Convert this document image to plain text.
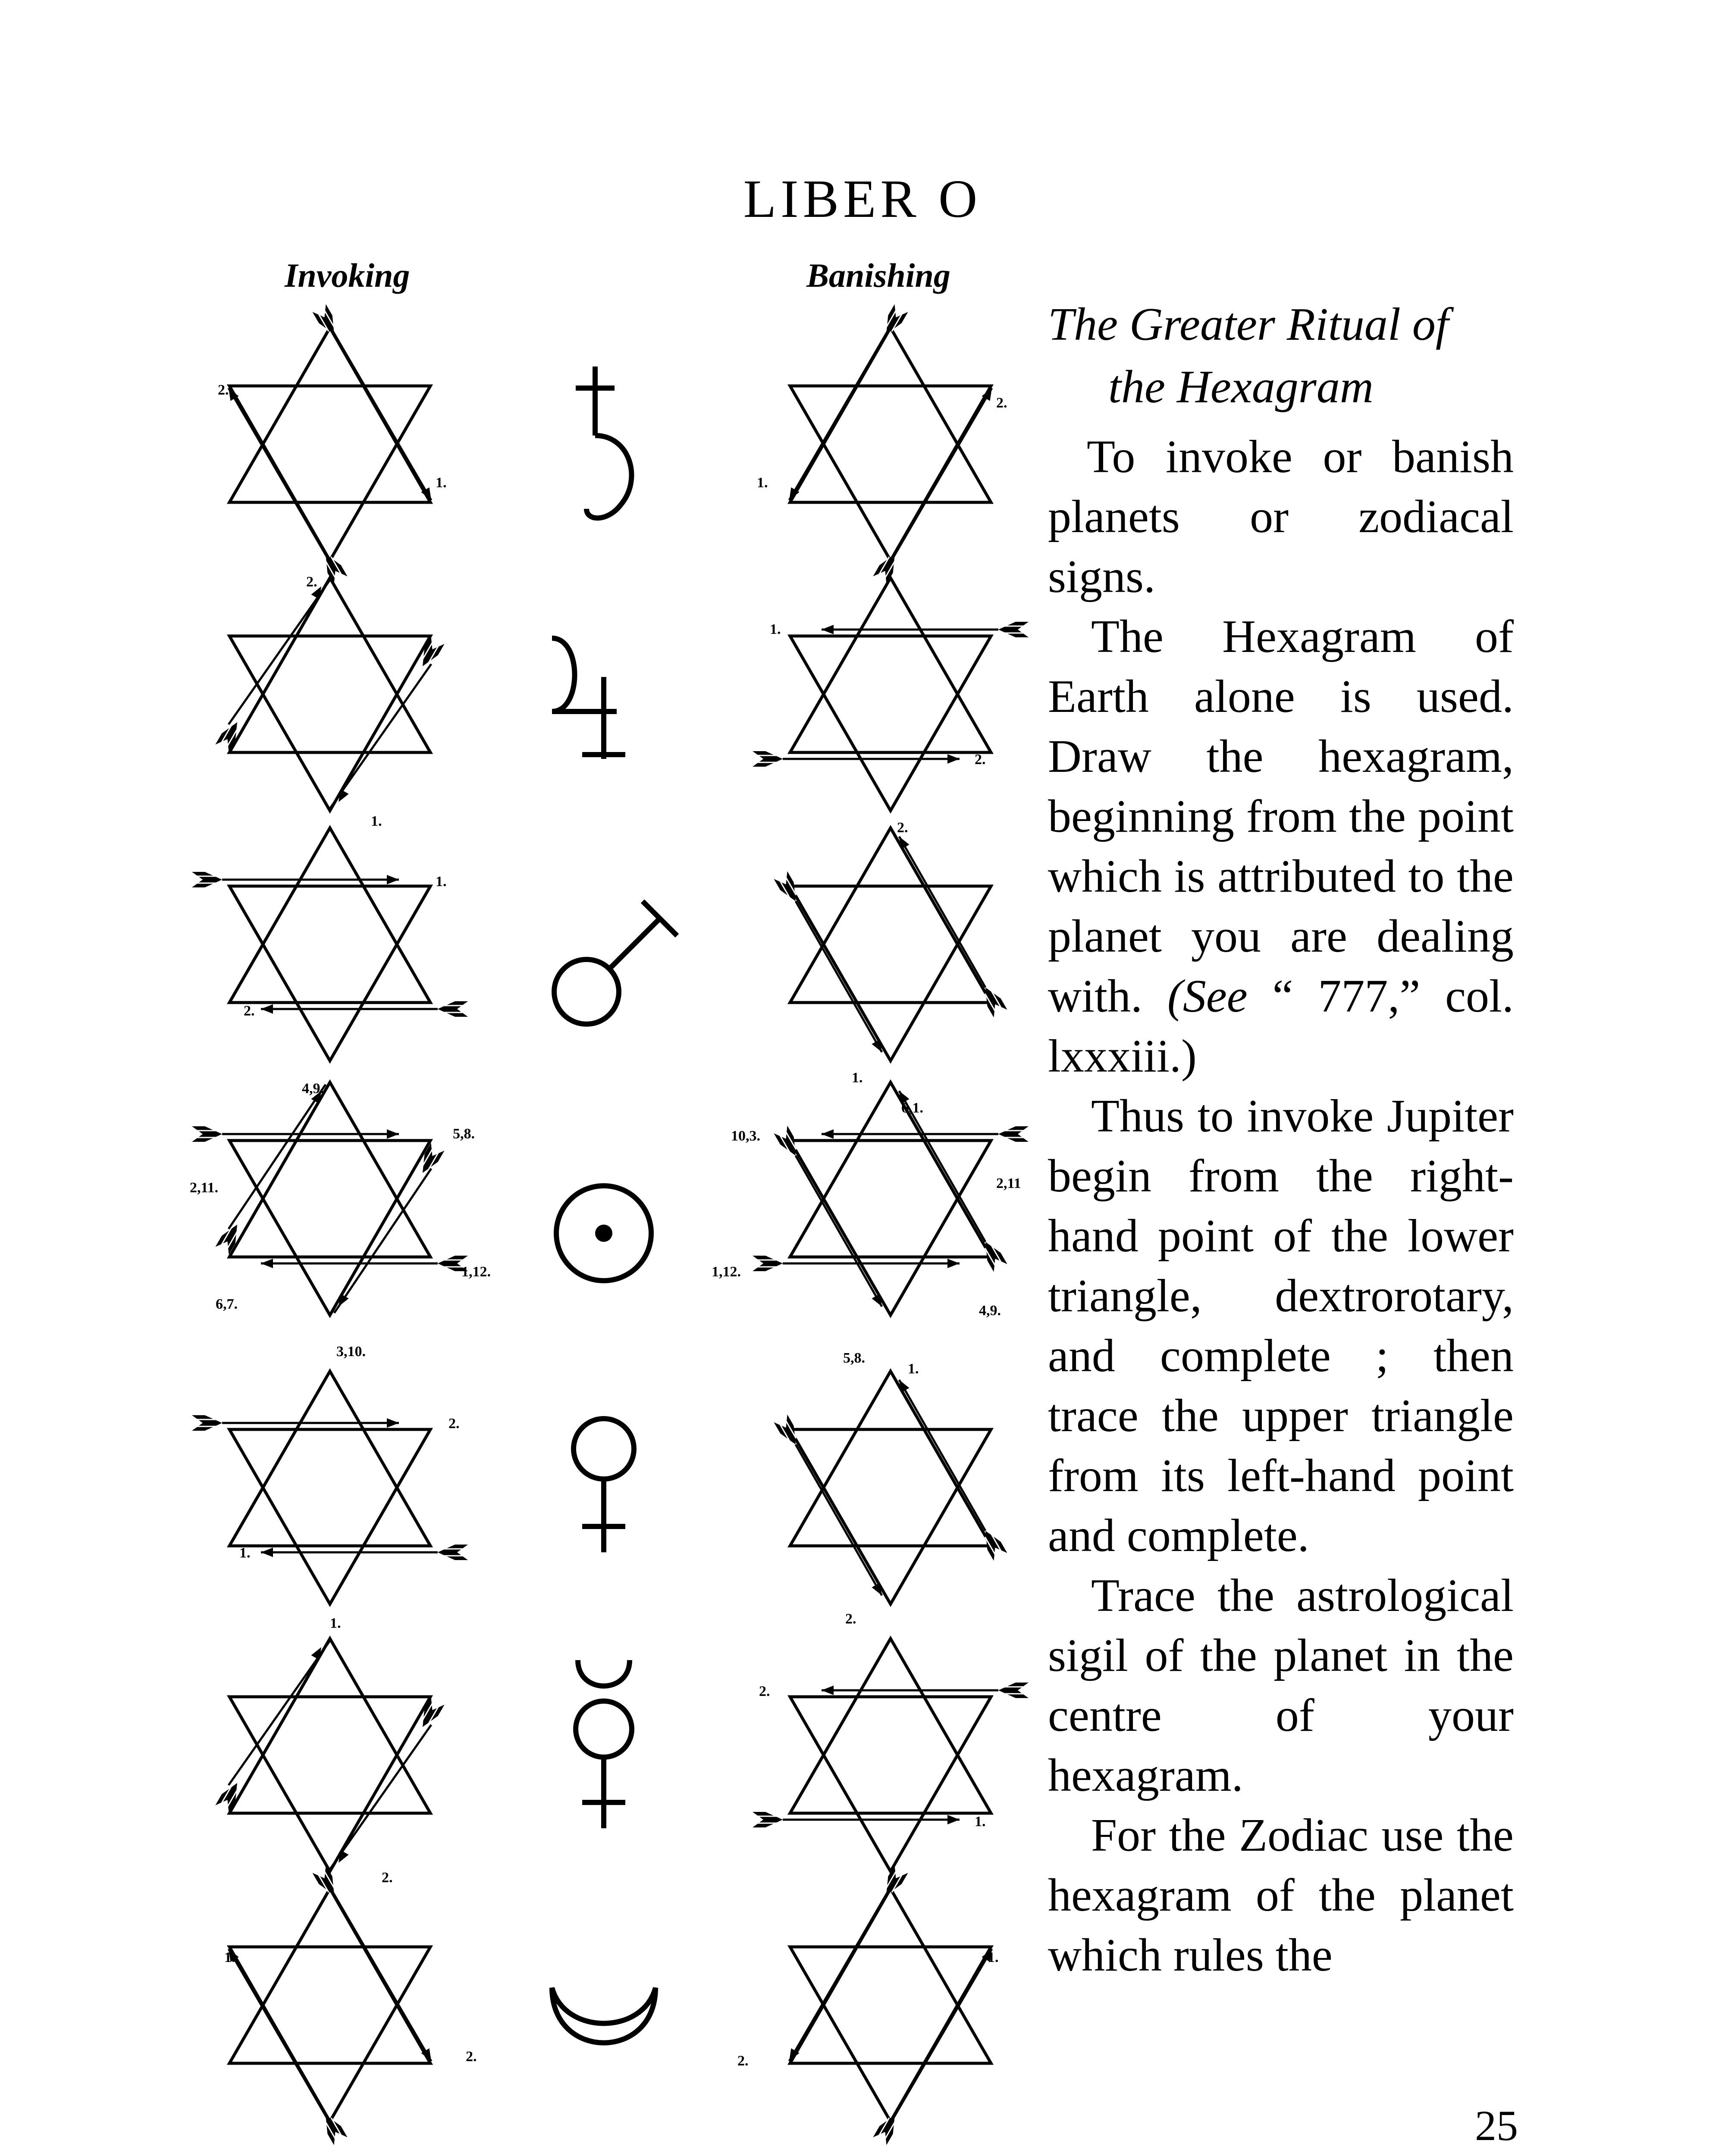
LIBER O
Invoking	Banishing
2.
1.	1.
2.
2.
1.
1.
2.
1.
2.
2.
1.
4,9.
5,8.
2,11.
1,12.
6,7.
3,10.
6,1.
10,3.
2,11
1,12.
4,9.
5,8.
2.
1.
1.
2.
1.
2.
2.
1.
1.
2.
1.
2.
The Greater Ritual of
the Hexagram

To invoke or banish planets or zodiacal signs.

The Hexagram of Earth alone is used. Draw the hexagram, beginning from the point which is attributed to the planet you are dealing with. (See “ 777,” col. lxxxiii.)

Thus to invoke Jupiter begin from the right-hand point of the lower triangle, dextrorotary, and complete ; then trace the upper triangle from its left-hand point and complete.

Trace the astrological sigil of the planet in the centre of your hexagram.

For the Zodiac use the hexagram of the planet which rules the

25
